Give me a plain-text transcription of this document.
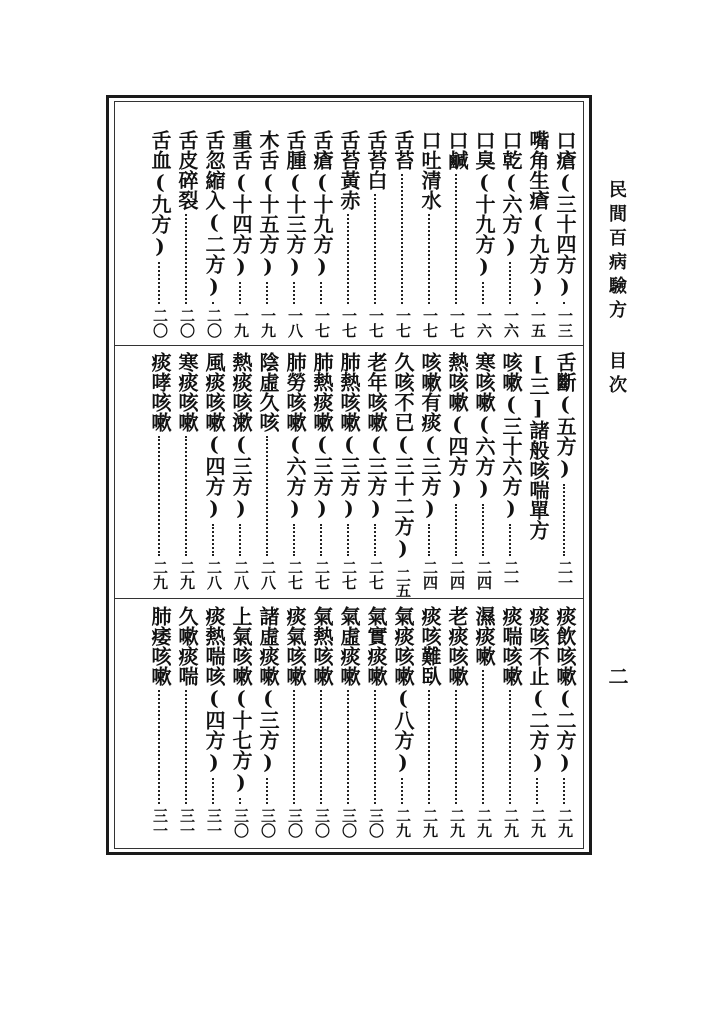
民間百病驗方 目次
二
口瘡(三十四方)
一三
嘴角生瘡(九方)
一五
口乾(六方)
一六
口臭(十九方)
一六
口鹹
一七
口吐清水
一七
舌苔
一七
舌苔白
一七
舌苔黃赤
一七
舌瘡(十九方)
一七
舌腫(十三方)
一八
木舌(十五方)
一九
重舌(十四方)
一九
舌忽縮入(二方)
二〇
舌皮碎裂
二〇
舌血(九方)
二〇
舌斷(五方)
二一
[三]諸般咳喘單方
咳嗽(三十六方)
二一
寒咳嗽(六方)
二四
熱咳嗽(四方)
二四
咳嗽有痰(三方)
二四
久咳不已(三十二方)
二五
老年咳嗽(三方)
二七
肺熱咳嗽(三方)
二七
肺熱痰嗽(三方)
二七
肺勞咳嗽(六方)
二七
陰虛久咳
二八
熱痰咳漱(三方)
二八
風痰咳嗽(四方)
二八
寒痰咳嗽
二九
痰哮咳嗽
二九
痰飲咳嗽(二方)
二九
痰咳不止(二方)
二九
痰喘咳嗽
二九
濕痰嗽
二九
老痰咳嗽
二九
痰咳難臥
二九
氣痰咳嗽(八方)
二九
氣實痰嗽
三〇
氣虛痰嗽
三〇
氣熱咳嗽
三〇
痰氣咳嗽
三〇
諸虛痰嗽(三方)
三〇
上氣咳嗽(十七方)
三〇
痰熱喘咳(四方)
三一
久嗽痰喘
三一
肺痿咳嗽
三一
